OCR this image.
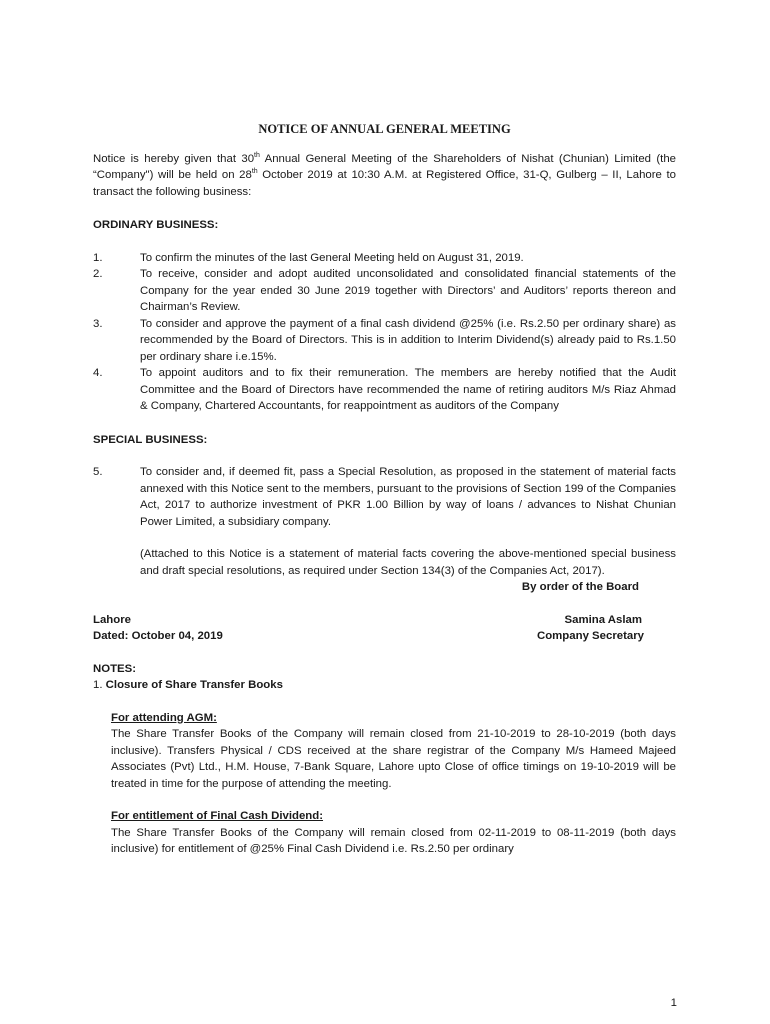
NOTICE OF ANNUAL GENERAL MEETING

Notice is hereby given that 30th Annual General Meeting of the Shareholders of Nishat (Chunian) Limited (the “Company") will be held on 28th October 2019 at 10:30 A.M. at Registered Office, 31-Q, Gulberg – II, Lahore to transact the following business:

ORDINARY BUSINESS:

1.	To confirm the minutes of the last General Meeting held on August 31, 2019.
2.	To receive, consider and adopt audited unconsolidated and consolidated financial statements of the Company for the year ended 30 June 2019 together with Directors’ and Auditors’ reports thereon and Chairman’s Review.
3.	To consider and approve the payment of a final cash dividend @25% (i.e. Rs.2.50 per ordinary share) as recommended by the Board of Directors. This is in addition to Interim Dividend(s) already paid to Rs.1.50 per ordinary share i.e.15%.
4.	To appoint auditors and to fix their remuneration. The members are hereby notified that the Audit Committee and the Board of Directors have recommended the name of retiring auditors M/s Riaz Ahmad & Company, Chartered Accountants, for reappointment as auditors of the Company

SPECIAL BUSINESS:

5.	To consider and, if deemed fit, pass a Special Resolution, as proposed in the statement of material facts annexed with this Notice sent to the members, pursuant to the provisions of Section 199 of the Companies Act, 2017 to authorize investment of PKR 1.00 Billion by way of loans / advances to Nishat Chunian Power Limited, a subsidiary company.

(Attached to this Notice is a statement of material facts covering the above-mentioned special business and draft special resolutions, as required under Section 134(3) of the Companies Act, 2017).

By order of the Board

Lahore	Samina Aslam
Dated: October 04, 2019	Company Secretary

NOTES:

1. Closure of Share Transfer Books

For attending AGM:

The Share Transfer Books of the Company will remain closed from 21-10-2019 to 28-10-2019 (both days inclusive). Transfers Physical / CDS received at the share registrar of the Company M/s Hameed Majeed Associates (Pvt) Ltd., H.M. House, 7-Bank Square, Lahore upto Close of office timings on 19-10-2019 will be treated in time for the purpose of attending the meeting.

For entitlement of Final Cash Dividend:

The Share Transfer Books of the Company will remain closed from 02-11-2019 to 08-11-2019 (both days inclusive) for entitlement of @25% Final Cash Dividend i.e. Rs.2.50 per ordinary

1
